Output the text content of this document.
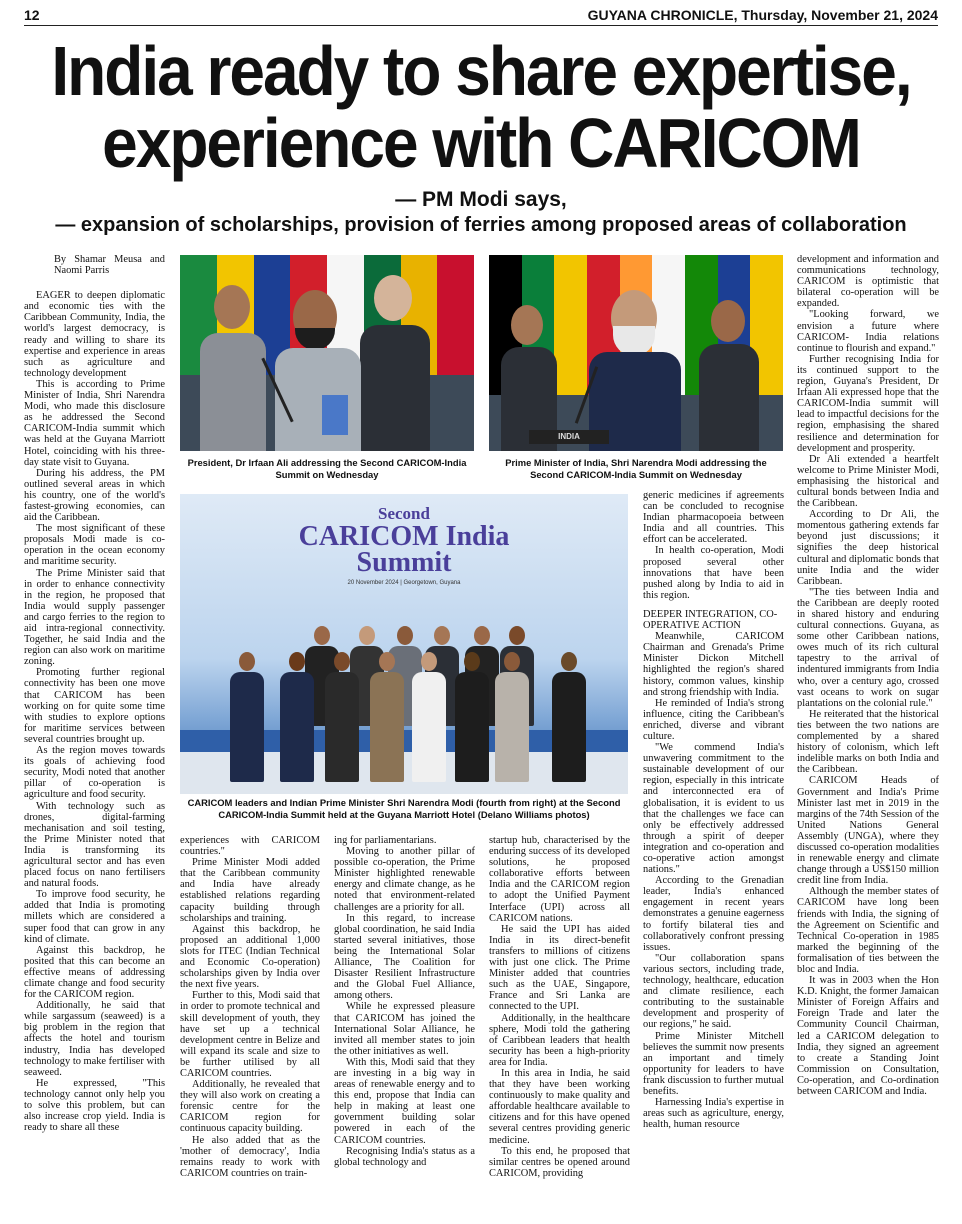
12	GUYANA CHRONICLE, Thursday, November 21, 2024
India ready to share expertise,
experience with CARICOM
— PM Modi says,
— expansion of scholarships, provision of ferries among proposed areas of collaboration

By Shamar Meusa and Naomi Parris

EAGER to deepen diplomatic and economic ties with the Caribbean Community, India, the world's largest democracy, is ready and willing to share its expertise and experience in areas such as agriculture and technology development

This is according to Prime Minister of India, Shri Narendra Modi, who made this disclosure as he addressed the Second CARICOM-India summit which was held at the Guyana Marriott Hotel, coinciding with his three-day state visit to Guyana.

During his address, the PM outlined several areas in which his country, one of the world's fastest-growing economies, can aid the Caribbean.

The most significant of these proposals Modi made is co-operation in the ocean economy and maritime security.

The Prime Minister said that in order to enhance connectivity in the region, he proposed that India would supply passenger and cargo ferries to the region to aid intra-regional connectivity. Together, he said India and the region can also work on maritime zoning.

Promoting further regional connectivity has been one move that CARICOM has been working on for quite some time with studies to explore options for maritime services between several countries brought up.

As the region moves towards its goals of achieving food security, Modi noted that another pillar of co-operation is agriculture and food security.

With technology such as drones, digital-farming mechanisation and soil testing, the Prime Minister noted that India is transforming its agricultural sector and has even placed focus on nano fertilisers and natural foods.

To improve food security, he added that India is promoting millets which are considered a super food that can grow in any kind of climate.

Against this backdrop, he posited that this can become an effective means of addressing climate change and food security for the CARICOM region.

Additionally, he said that while sargassum (seaweed) is a big problem in the region that affects the hotel and tourism industry, India has developed technology to make fertiliser with seaweed.

He expressed, "This technology cannot only help you to solve this problem, but can also increase crop yield. India is ready to share all these

President, Dr Irfaan Ali addressing the Second CARICOM-India Summit on Wednesday
INDIA
Prime Minister of India, Shri Narendra Modi addressing the Second CARICOM-India Summit on Wednesday
Second
CARICOM India
Summit
20 November 2024 | Georgetown, Guyana
CARICOM leaders and Indian Prime Minister Shri Narendra Modi (fourth from right) at the Second CARICOM-India Summit held at the Guyana Marriott Hotel (Delano Williams photos)

experiences with CARICOM countries."

Prime Minister Modi added that the Caribbean community and India have already established relations regarding capacity building through scholarships and training.

Against this backdrop, he proposed an additional 1,000 slots for ITEC (Indian Technical and Economic Co-operation) scholarships given by India over the next five years.

Further to this, Modi said that in order to promote technical and skill development of youth, they have set up a technical development centre in Belize and will expand its scale and size to be further utilised by all CARICOM countries.

Additionally, he revealed that they will also work on creating a forensic centre for the CARICOM region for continuous capacity building.

He also added that as the 'mother of democracy', India remains ready to work with CARICOM countries on train-

ing for parliamentarians.

Moving to another pillar of possible co-operation, the Prime Minister highlighted renewable energy and climate change, as he noted that environment-related challenges are a priority for all.

In this regard, to increase global coordination, he said India started several initiatives, those being the International Solar Alliance, The Coalition for Disaster Resilient Infrastructure and the Global Fuel Alliance, among others.

While he expressed pleasure that CARICOM has joined the International Solar Alliance, he invited all member states to join the other initiatives as well.

With this, Modi said that they are investing in a big way in areas of renewable energy and to this end, propose that India can help in making at least one government building solar powered in each of the CARICOM countries.

Recognising India's status as a global technology and

startup hub, characterised by the enduring success of its developed solutions, he proposed collaborative efforts between India and the CARICOM region to adopt the Unified Payment Interface (UPI) across all CARICOM nations.

He said the UPI has aided India in its direct-benefit transfers to millions of citizens with just one click. The Prime Minister added that countries such as the UAE, Singapore, France and Sri Lanka are connected to the UPI.

Additionally, in the healthcare sphere, Modi told the gathering of Caribbean leaders that health security has been a high-priority area for India.

In this area in India, he said that they have been working continuously to make quality and affordable healthcare available to citizens and for this have opened several centres providing generic medicine.

To this end, he proposed that similar centres be opened around CARICOM, providing

generic medicines if agreements can be concluded to recognise Indian pharmacopoeia between India and all countries. This effort can be accelerated.

In health co-operation, Modi proposed several other innovations that have been pushed along by India to aid in this region.

DEEPER INTEGRATION, CO-OPERATIVE ACTION

Meanwhile, CARICOM Chairman and Grenada's Prime Minister Dickon Mitchell highlighted the region's shared history, common values, kinship and strong friendship with India.

He reminded of India's strong influence, citing the Caribbean's enriched, diverse and vibrant culture.

"We commend India's unwavering commitment to the sustainable development of our region, especially in this intricate and interconnected era of globalisation, it is evident to us that the challenges we face can only be effectively addressed through a spirit of deeper integration and co-operation and co-operative action amongst nations."

According to the Grenadian leader, India's enhanced engagement in recent years demonstrates a genuine eagerness to fortify bilateral ties and collaboratively confront pressing issues.

"Our collaboration spans various sectors, including trade, technology, healthcare, education and climate resilience, each contributing to the sustainable development and prosperity of our regions," he said.

Prime Minister Mitchell believes the summit now presents an important and timely opportunity for leaders to have frank discussion to further mutual benefits.

Harnessing India's expertise in areas such as agriculture, energy, health, human resource

development and information and communications technology, CARICOM is optimistic that bilateral co-operation will be expanded.

"Looking forward, we envision a future where CARICOM- India relations continue to flourish and expand."

Further recognising India for its continued support to the region, Guyana's President, Dr Irfaan Ali expressed hope that the CARICOM-India summit will lead to impactful decisions for the region, emphasising the shared resilience and determination for development and prosperity.

Dr Ali extended a heartfelt welcome to Prime Minister Modi, emphasising the historical and cultural bonds between India and the Caribbean.

According to Dr Ali, the momentous gathering extends far beyond just discussions; it signifies the deep historical cultural and diplomatic bonds that unite India and the wider Caribbean.

"The ties between India and the Caribbean are deeply rooted in shared history and enduring cultural connections. Guyana, as some other Caribbean nations, owes much of its rich cultural tapestry to the arrival of indentured immigrants from India who, over a century ago, crossed vast oceans to work on sugar plantations on the colonial rule."

He reiterated that the historical ties between the two nations are complemented by a shared history of colonism, which left indelible marks on both India and the Caribbean.

CARICOM Heads of Government and India's Prime Minister last met in 2019 in the margins of the 74th Session of the United Nations General Assembly (UNGA), where they discussed co-operation modalities in renewable energy and climate change through a US$150 million credit line from India.

Although the member states of CARICOM have long been friends with India, the signing of the Agreement on Scientific and Technical Co-operation in 1985 marked the beginning of the formalisation of ties between the bloc and India.

It was in 2003 when the Hon K.D. Knight, the former Jamaican Minister of Foreign Affairs and Foreign Trade and later the Community Council Chairman, led a CARICOM delegation to India, they signed an agreement to create a Standing Joint Commission on Consultation, Co-operation, and Co-ordination between CARICOM and India.
